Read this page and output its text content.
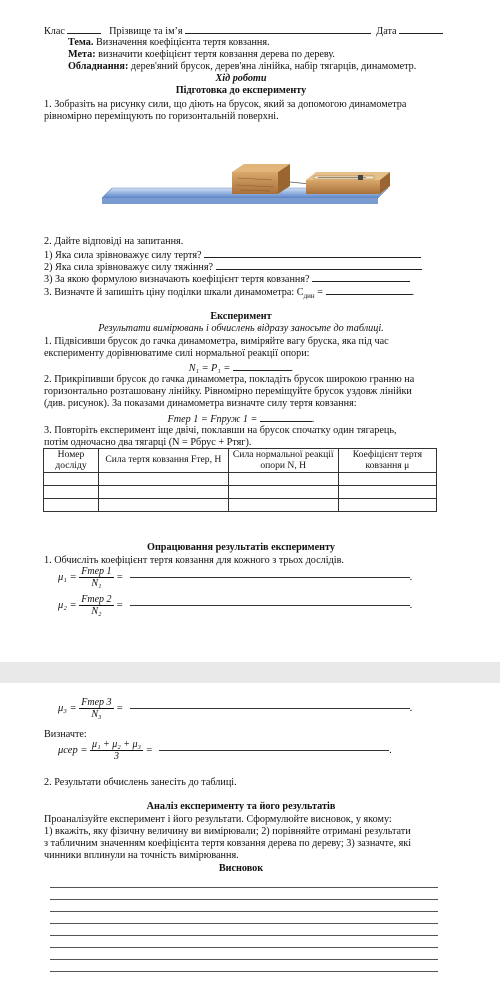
Клас	Прізвище та ім’я	Дата
Тема. Визначення коефіцієнта тертя ковзання.
Мета: визначити коефіцієнт тертя ковзання дерева по дереву.
Обладнання: дерев'яний брусок, дерев'яна лінійка, набір тягарців, динамометр.
Хід роботи
Підготовка до експерименту
1. Зобразіть на рисунку сили, що діють на брусок, який за допомогою динамометра
рівномірно переміщують по горизонтальній поверхні.
2. Дайте відповіді на запитання.
1) Яка сила зрівноважує силу тертя?
2) Яка сила зрівноважує силу тяжіння?
3) За якою формулою визначають коефіцієнт тертя ковзання?
3. Визначте й запишіть ціну поділки шкали динамометра: $C_{дин}$ =	.
Експеримент
Результати вимірювань і обчислень відразу заносьте до таблиці.
1. Підвісивши брусок до гачка динамометра, виміряйте вагу бруска, яка під час
експерименту дорівнюватиме силі нормальної реакції опори:
N₁ = P₁ =	.
2. Прикріпивши брусок до гачка динамометра, покладіть брусок широкою гранню на
горизонтально розташовану лінійку. Рівномірно переміщуйте брусок уздовж лінійки
(див. рисунок). За показами динамометра визначте силу тертя ковзання:
Fтер 1 = Fпруж 1 =	.
3. Повторіть експеримент іще двічі, поклавши на брусок спочатку один тягарець,
потім одночасно два тягарці (N = Pбрус + Pтяг).
Номер досліду	Сила тертя ковзання Fтер, Н	Сила нормальної реакції опори N, Н	Коефіцієнт тертя ковзання μ

Опрацювання результатів експерименту
1. Обчисліть коефіцієнт тертя ковзання для кожного з трьох дослідів.
$\mu_1 = \frac{\text{Fтер 1}}{\text{N₁}}$ =	.
$\mu_2 = \frac{\text{Fтер 2}}{\text{N₂}}$ =	.
$\mu_3 = \frac{\text{Fтер 3}}{\text{N₃}}$ =	.
Визначте:
$\mu сер = \frac{\text{μ₁ + μ₂ + μ₃}}{3}$ =	.
2. Результати обчислень занесіть до таблиці.
Аналіз експерименту та його результатів
Проаналізуйте експеримент і його результати. Сформулюйте висновок, у якому:
1) вкажіть, яку фізичну величину ви вимірювали; 2) порівняйте отримані результати
з табличним значенням коефіцієнта тертя ковзання дерева по дереву; 3) зазначте, які
чинники вплинули на точність вимірювання.
Висновок
